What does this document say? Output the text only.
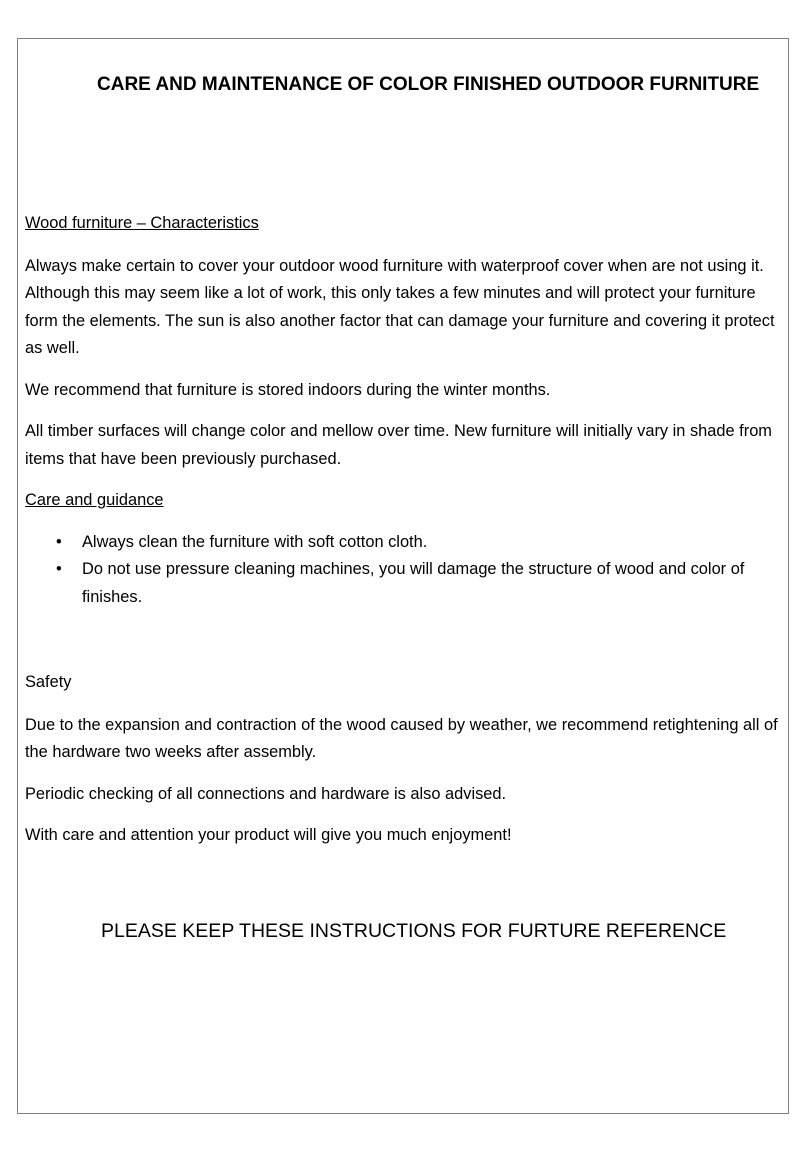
CARE AND MAINTENANCE OF COLOR FINISHED OUTDOOR FURNITURE

Wood furniture – Characteristics

Always make certain to cover your outdoor wood furniture with waterproof cover when are not using it. Although this may seem like a lot of work, this only takes a few minutes and will protect your furniture form the elements. The sun is also another factor that can damage your furniture and covering it protect as well.

We recommend that furniture is stored indoors during the winter months.

All timber surfaces will change color and mellow over time. New furniture will initially vary in shade from items that have been previously purchased.

Care and guidance

• Always clean the furniture with soft cotton cloth.
• Do not use pressure cleaning machines, you will damage the structure of wood and color of finishes.

Safety

Due to the expansion and contraction of the wood caused by weather, we recommend retightening all of the hardware two weeks after assembly.

Periodic checking of all connections and hardware is also advised.

With care and attention your product will give you much enjoyment!

PLEASE KEEP THESE INSTRUCTIONS FOR FURTURE REFERENCE
